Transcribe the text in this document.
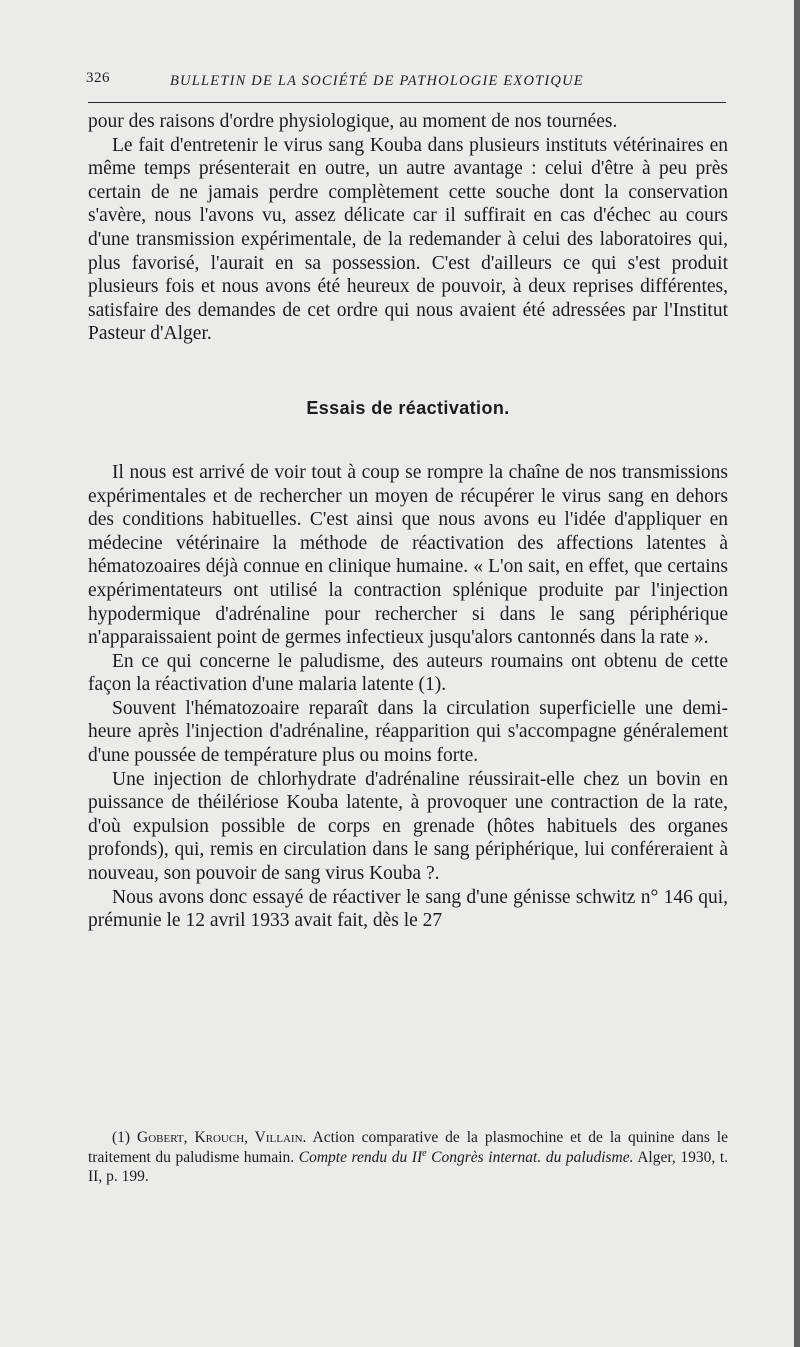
326	BULLETIN DE LA SOCIÉTÉ DE PATHOLOGIE EXOTIQUE

pour des raisons d'ordre physiologique, au moment de nos tournées.

Le fait d'entretenir le virus sang Kouba dans plusieurs instituts vétérinaires en même temps présenterait en outre, un autre avantage : celui d'être à peu près certain de ne jamais perdre complètement cette souche dont la conservation s'avère, nous l'avons vu, assez délicate car il suffirait en cas d'échec au cours d'une transmission expérimentale, de la redemander à celui des laboratoires qui, plus favorisé, l'aurait en sa possession. C'est d'ailleurs ce qui s'est produit plusieurs fois et nous avons été heureux de pouvoir, à deux reprises différentes, satisfaire des demandes de cet ordre qui nous avaient été adressées par l'Institut Pasteur d'Alger.

Essais de réactivation.

Il nous est arrivé de voir tout à coup se rompre la chaîne de nos transmissions expérimentales et de rechercher un moyen de récupérer le virus sang en dehors des conditions habituelles. C'est ainsi que nous avons eu l'idée d'appliquer en médecine vétérinaire la méthode de réactivation des affections latentes à hématozoaires déjà connue en clinique humaine. « L'on sait, en effet, que certains expérimentateurs ont utilisé la contraction splénique produite par l'injection hypodermique d'adrénaline pour rechercher si dans le sang périphérique n'apparaissaient point de germes infectieux jusqu'alors cantonnés dans la rate ».

En ce qui concerne le paludisme, des auteurs roumains ont obtenu de cette façon la réactivation d'une malaria latente (1).

Souvent l'hématozoaire reparaît dans la circulation superficielle une demi-heure après l'injection d'adrénaline, réapparition qui s'accompagne généralement d'une poussée de température plus ou moins forte.

Une injection de chlorhydrate d'adrénaline réussirait-elle chez un bovin en puissance de théilériose Kouba latente, à provoquer une contraction de la rate, d'où expulsion possible de corps en grenade (hôtes habituels des organes profonds), qui, remis en circulation dans le sang périphérique, lui conféreraient à nouveau, son pouvoir de sang virus Kouba ?.

Nous avons donc essayé de réactiver le sang d'une génisse schwitz n° 146 qui, prémunie le 12 avril 1933 avait fait, dès le 27

(1) Gobert, Krouch, Villain. Action comparative de la plasmochine et de la quinine dans le traitement du paludisme humain. Compte rendu du IIe Congrès internat. du paludisme. Alger, 1930, t. II, p. 199.
